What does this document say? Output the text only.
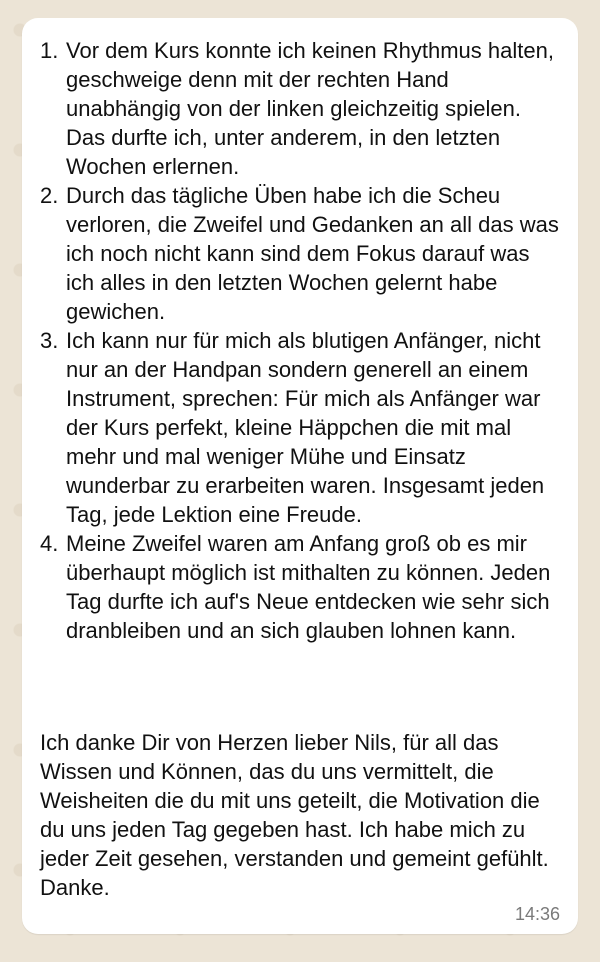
1. Vor dem Kurs konnte ich keinen Rhythmus halten, geschweige denn mit der rechten Hand unabhängig von der linken gleichzeitig spielen. Das durfte ich, unter anderem, in den letzten Wochen erlernen.
2. Durch das tägliche Üben habe ich die Scheu verloren, die Zweifel und Gedanken an all das was ich noch nicht kann sind dem Fokus darauf was ich alles in den letzten Wochen gelernt habe gewichen.
3. Ich kann nur für mich als blutigen Anfänger, nicht nur an der Handpan sondern generell an einem Instrument, sprechen: Für mich als Anfänger war der Kurs perfekt, kleine Häppchen die mit mal mehr und mal weniger Mühe und Einsatz wunderbar zu erarbeiten waren. Insgesamt jeden Tag, jede Lektion eine Freude.
4. Meine Zweifel waren am Anfang groß ob es mir überhaupt möglich ist mithalten zu können. Jeden Tag durfte ich auf's Neue entdecken wie sehr sich dranbleiben und an sich glauben lohnen kann.
Ich danke Dir von Herzen lieber Nils, für all das Wissen und Können, das du uns vermittelt, die Weisheiten die du mit uns geteilt, die Motivation die du uns jeden Tag gegeben hast. Ich habe mich zu jeder Zeit gesehen, verstanden und gemeint gefühlt. Danke.
14:36
